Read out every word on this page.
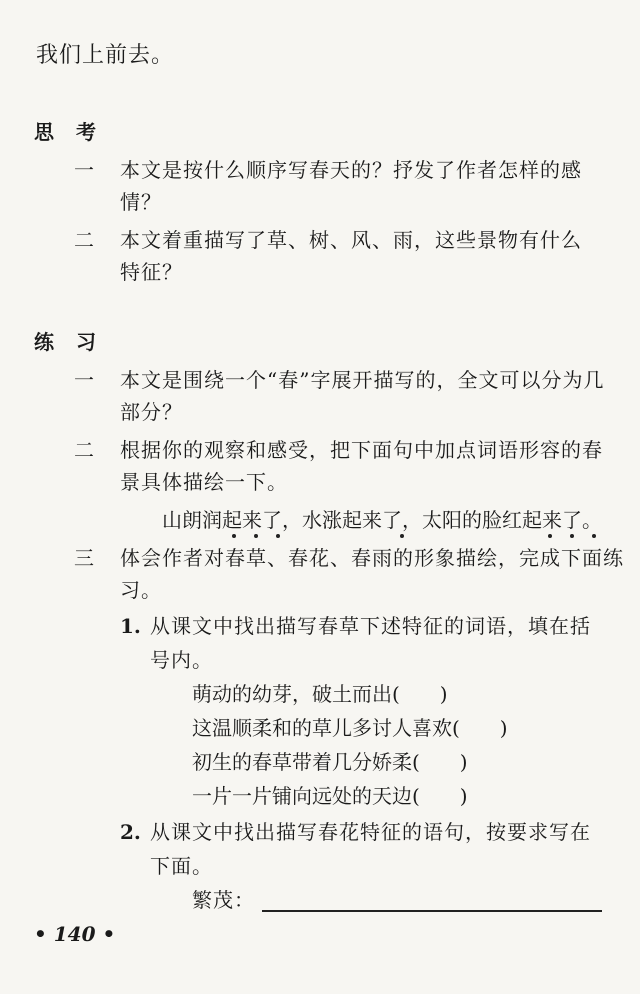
我们上前去。
思考
一 本文是按什么顺序写春天的？抒发了作者怎样的感
情？
二 本文着重描写了草、树、风、雨，这些景物有什么
特征？
练习
一 本文是围绕一个“春”字展开描写的，全文可以分为几
部分？
二 根据你的观察和感受，把下面句中加点词语形容的春
景具体描绘一下。
山朗润起来了，水涨起来了，太阳的脸红起来了。
三 体会作者对春草、春花、春雨的形象描绘，完成下面练
习。
1. 从课文中找出描写春草下述特征的词语，填在括
号内。
萌动的幼芽，破土而出(　　)
这温顺柔和的草儿多讨人喜欢(　　)
初生的春草带着几分娇柔(　　)
一片一片铺向远处的天边(　　)
2. 从课文中找出描写春花特征的语句，按要求写在
下面。
繁茂：
• 140 •
